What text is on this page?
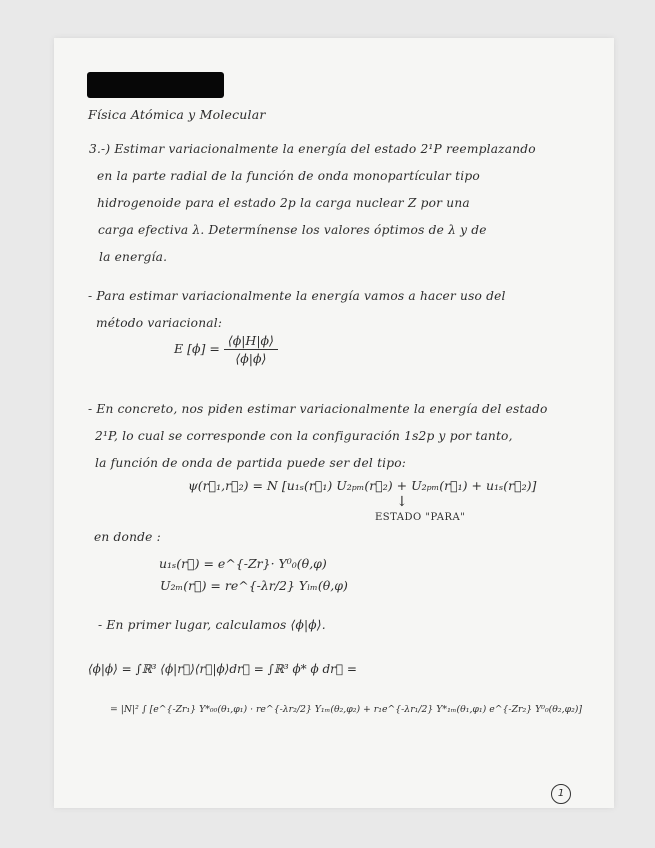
Física Atómica y Molecular

3.-) Estimar variacionalmente la energía del estado 2¹P reemplazando

en la parte radial de la función de onda monopartícular tipo

hidrogenoide para el estado 2p la carga nuclear Z por una

carga efectiva λ. Determínense los valores óptimos de λ y de

la energía.

- Para estimar variacionalmente la energía vamos a hacer uso del

método variacional:

E $[\phi] = \frac{⟨\phi|H|\phi⟩}{⟨\phi|\phi⟩}$

- En concreto, nos piden estimar variacionalmente la energía del estado

2¹P, lo cual se corresponde con la configuración 1s2p y por tanto,

la función de onda de partida puede ser del tipo:

ψ(r⃗₁,r⃗₂) = N [u₁ₛ(r⃗₁) U₂ₚₘ(r⃗₂) + U₂ₚₘ(r⃗₁) + u₁ₛ(r⃗₂)]

↓

ESTADO "PARA"

en donde :

u₁ₛ(r⃗) = e^{-Zr}· Y⁰₀(θ,φ)

U₂ₘ(r⃗) = re^{-λr/2} Yₗₘ(θ,φ)

- En primer lugar, calculamos ⟨ϕ|ϕ⟩.

⟨ϕ|ϕ⟩ = ∫ℝ³ ⟨ϕ|r⃗⟩⟨r⃗|ϕ⟩dr⃗ = ∫ℝ³ ϕ* ϕ dr⃗ =

= |N|² ∫ [e^{-Zr₁} Y*₀₀(θ₁,φ₁) · re^{-λr₂/2} Y₁ₘ(θ₂,φ₂) + r₁e^{-λr₁/2} Y*₁ₘ(θ₁,φ₁) e^{-Zr₂} Y⁰₀(θ₂,φ₂)]

1
